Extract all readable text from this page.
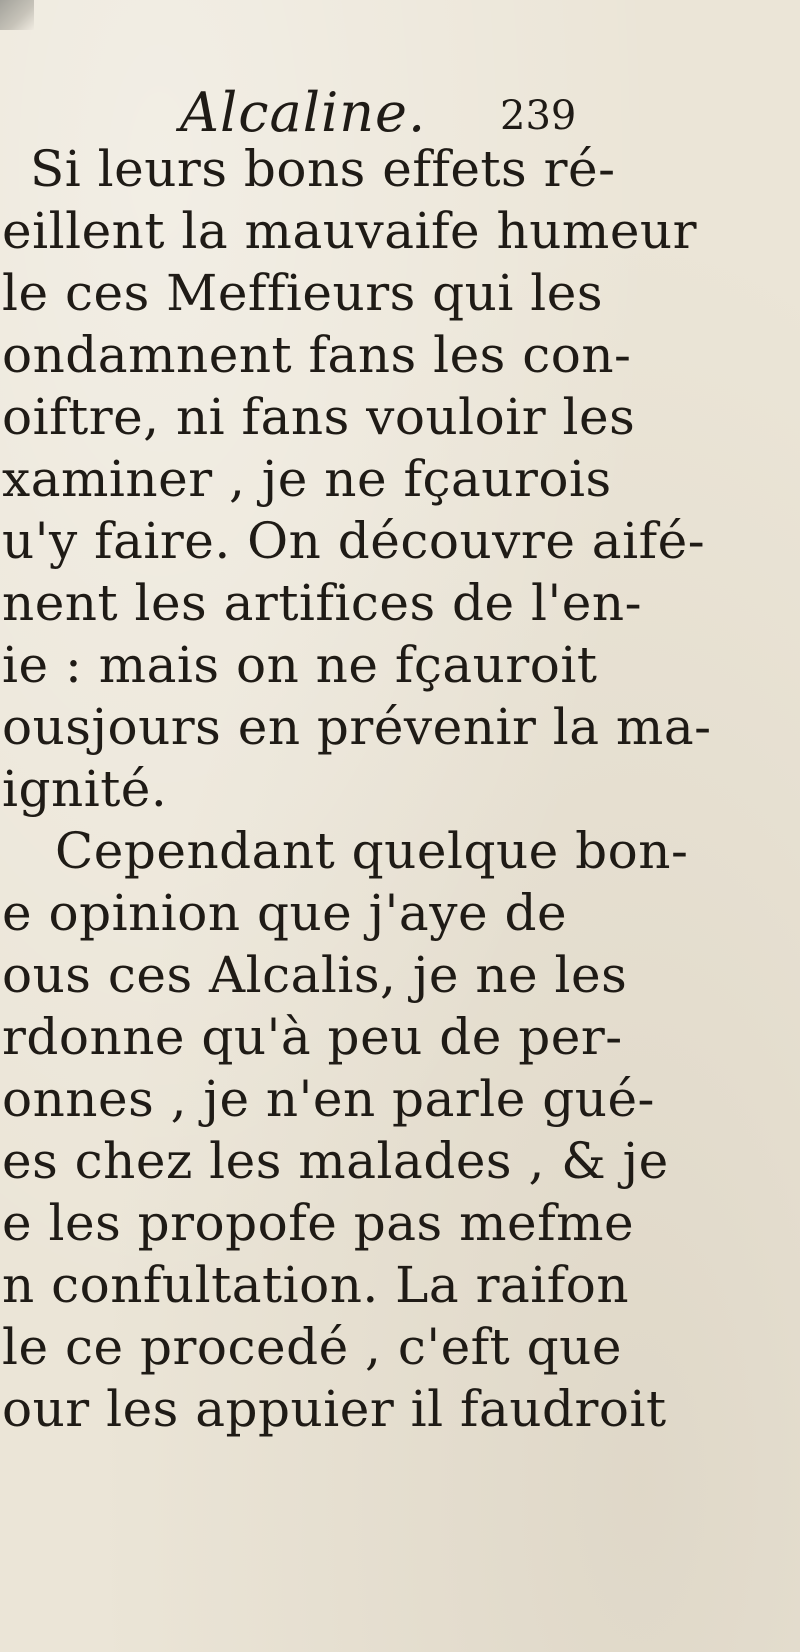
Alcaline. 239
Si leurs bons effets ré-
eillent la mauvaife humeur
le ces Meffieurs qui les
ondamnent fans les con-
oiftre, ni fans vouloir les
xaminer , je ne fçaurois
u'y faire. On découvre aifé-
nent les artifices de l'en-
ie : mais on ne fçauroit
ousjours en prévenir la ma-
ignité.
Cependant quelque bon-
e opinion que j'aye de
ous ces Alcalis, je ne les
rdonne qu'à peu de per-
onnes , je n'en parle gué-
es chez les malades , & je
e les propofe pas mefme
n confultation. La raifon
le ce procedé , c'eft que
our les appuier il faudroit
